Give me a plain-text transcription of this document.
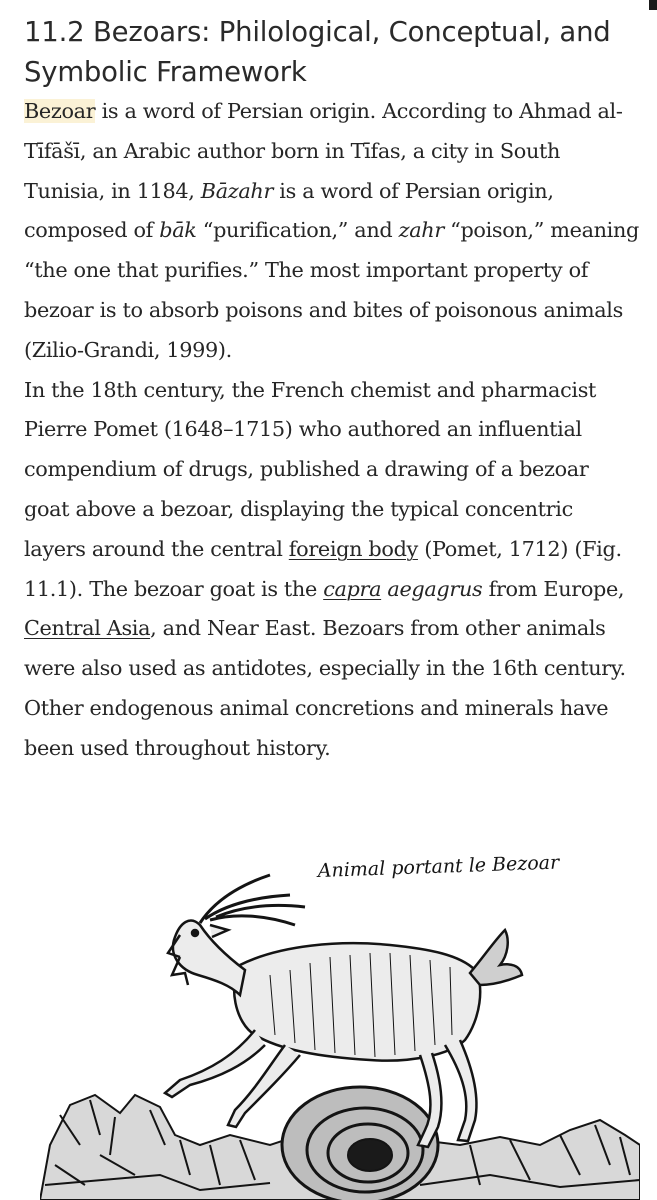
11.2 Bezoars: Philological, Conceptual, and Symbolic Framework

Bezoar is a word of Persian origin. According to Ahmad al-Tīfāšī, an Arabic author born in Tīfas, a city in South Tunisia, in 1184, Bāzahr is a word of Persian origin, composed of bāk “purification,” and zahr “poison,” meaning “the one that purifies.” The most important property of bezoar is to absorb poisons and bites of poisonous animals (Zilio-Grandi, 1999).

In the 18th century, the French chemist and pharmacist Pierre Pomet (1648–1715) who authored an influential compendium of drugs, published a drawing of a bezoar goat above a bezoar, displaying the typical concentric layers around the central foreign body (Pomet, 1712) (Fig. 11.1). The bezoar goat is the capra aegagrus from Europe, Central Asia, and Near East. Bezoars from other animals were also used as antidotes, especially in the 16th century. Other endogenous animal concretions and minerals have been used throughout history.

Animal portant le Bezoar
